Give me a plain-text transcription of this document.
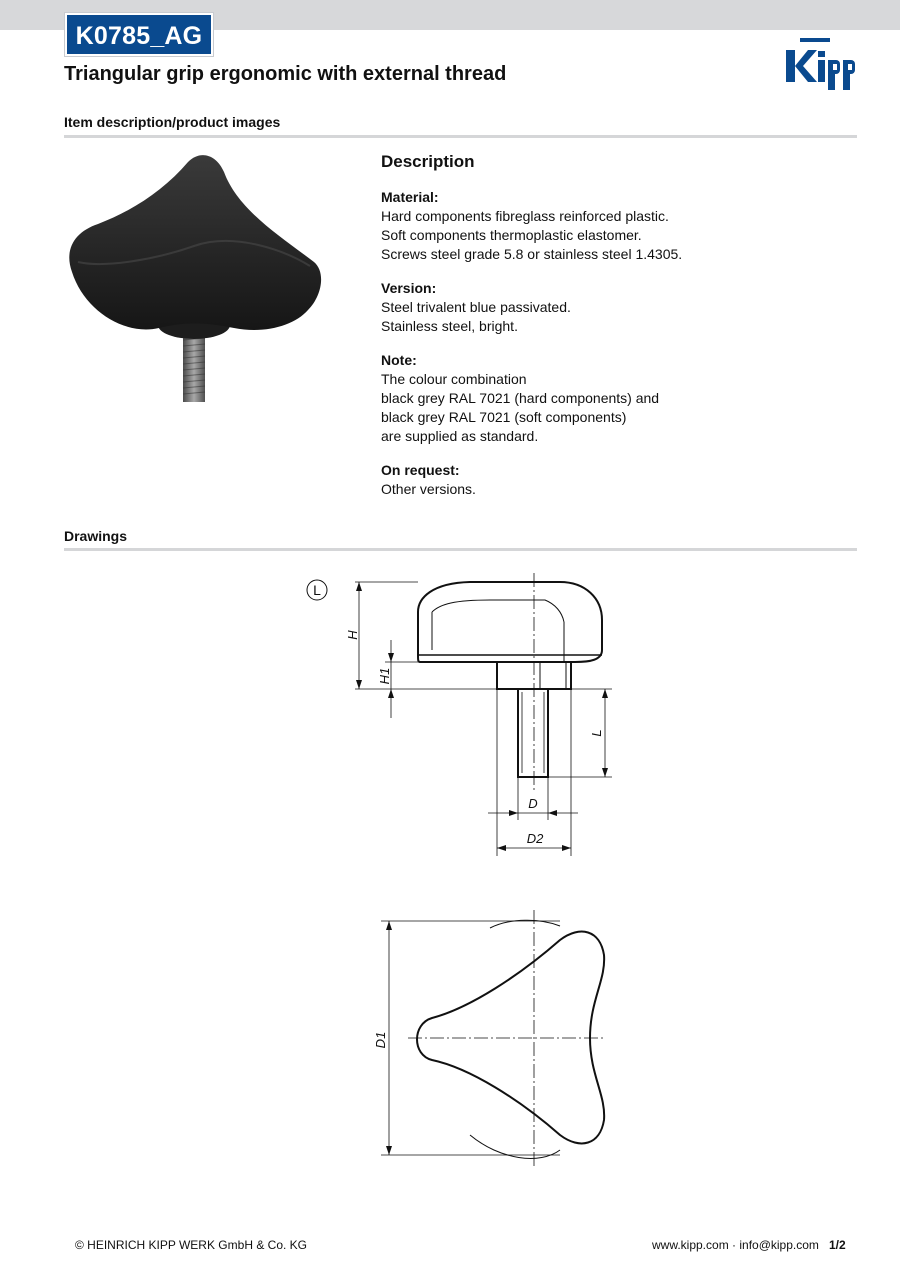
K0785_AG
Triangular grip ergonomic with external thread
Item description/product images
Description
Material:
Hard components fibreglass reinforced plastic.
Soft components thermoplastic elastomer.
Screws steel grade 5.8 or stainless steel 1.4305.
Version:
Steel trivalent blue passivated.
Stainless steel, bright.
Note:
The colour combination
black grey RAL 7021 (hard components) and
black grey RAL 7021 (soft components)
are supplied as standard.
On request:
Other versions.
Drawings
L
H
H1
L
D
D2
D1
© HEINRICH KIPP WERK GmbH & Co. KG	www.kipp.com · info@kipp.com 1/2
